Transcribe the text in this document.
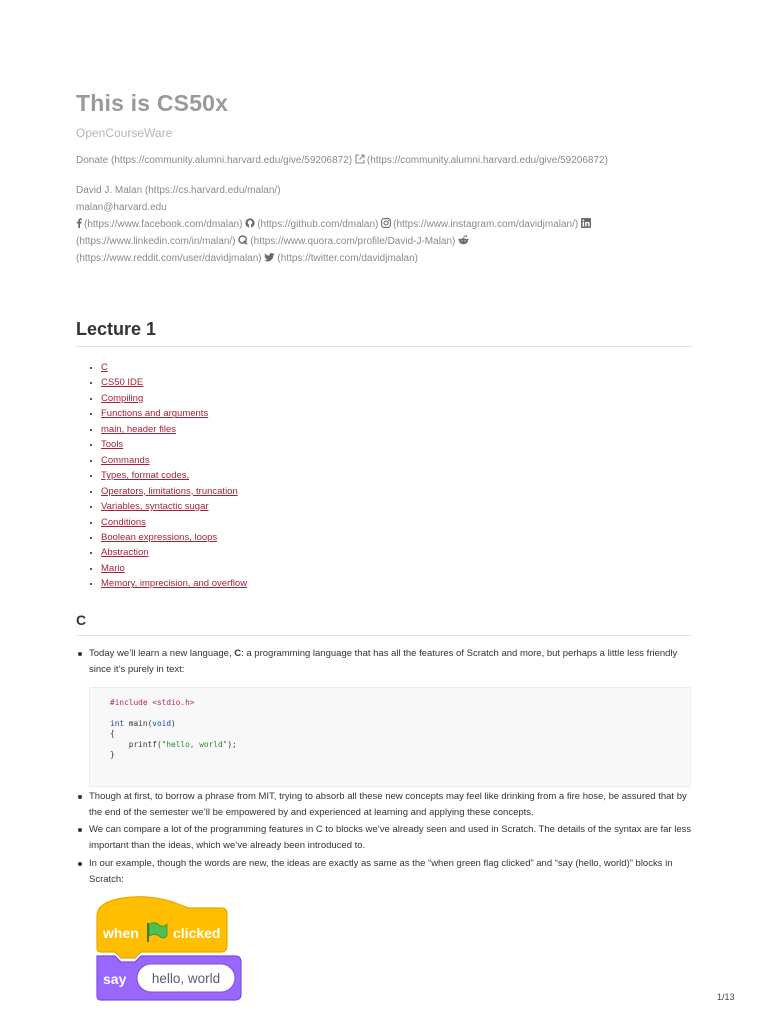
This is CS50x
OpenCourseWare
Donate (https://community.alumni.harvard.edu/give/59206872) (https://community.alumni.harvard.edu/give/59206872)
David J. Malan (https://cs.harvard.edu/malan/)
malan@harvard.edu
(https://www.facebook.com/dmalan) (https://github.com/dmalan) (https://www.instagram.com/davidjmalan/)

(https://www.linkedin.com/in/malan/) (https://www.quora.com/profile/David-J-Malan)

(https://www.reddit.com/user/davidjmalan) (https://twitter.com/davidjmalan)
Lecture 1
• C
• CS50 IDE
• Compiling
• Functions and arguments
• main, header files
• Tools
• Commands
• Types, format codes,
• Operators, limitations, truncation
• Variables, syntactic sugar
• Conditions
• Boolean expressions, loops
• Abstraction
• Mario
• Memory, imprecision, and overflow
C
Today we’ll learn a new language, C: a programming language that has all the features of Scratch and more, but perhaps a little less friendly since it’s purely in text:
#include <stdio.h>

int main(void)
{
printf("hello, world");
}
Though at first, to borrow a phrase from MIT, trying to absorb all these new concepts may feel like drinking from a fire hose, be assured that by the end of the semester we’ll be empowered by and experienced at learning and applying these concepts.
We can compare a lot of the programming features in C to blocks we’ve already seen and used in Scratch. The details of the syntax are far less important than the ideas, which we’ve already been introduced to.
In our example, though the words are new, the ideas are exactly as same as the “when green flag clicked” and “say (hello, world)” blocks in Scratch:
when clicked
say hello, world
1/13
